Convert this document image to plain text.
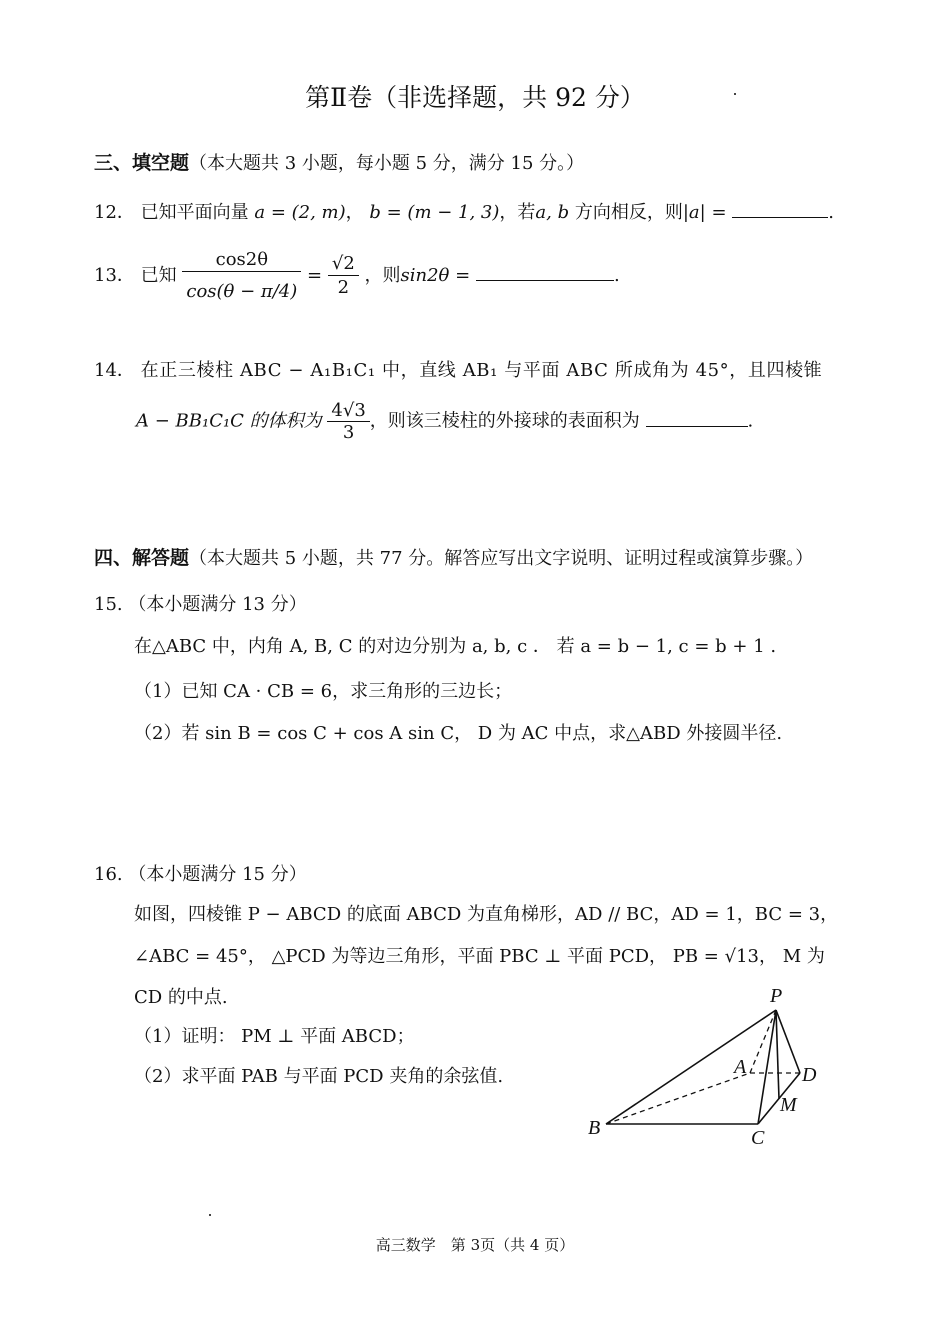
第Ⅱ卷（非选择题，共 92 分）
三、填空题（本大题共 3 小题，每小题 5 分，满分 15 分。）
12． 已知平面向量 a = (2, m)， b = (m − 1, 3)，若a, b 方向相反，则|a| =	.
13． 已知 $\frac{\cos 2\theta}{\cos(\theta - \pi/4)} = \frac{√2}{2}$ ，则sin2θ =	.
14． 在正三棱柱 ABC − A₁B₁C₁ 中，直线 AB₁ 与平面 ABC 所成角为 45°，且四棱锥
A − BB₁C₁C 的体积为 $\frac{4√3}{3}$ ，则该三棱柱的外接球的表面积为	.
四、解答题（本大题共 5 小题，共 77 分。解答应写出文字说明、证明过程或演算步骤。）
15. （本小题满分 13 分）
在△ABC 中，内角 A, B, C 的对边分别为 a, b, c ． 若 a = b − 1, c = b + 1 .
（1）已知 CA · CB = 6，求三角形的三边长；
（2）若 sin B = cos C + cos A sin C， D 为 AC 中点，求△ABD 外接圆半径.
16. （本小题满分 15 分）
如图，四棱锥 P − ABCD 的底面 ABCD 为直角梯形，AD // BC，AD = 1，BC = 3，
∠ABC = 45°， △PCD 为等边三角形，平面 PBC ⊥ 平面 PCD， PB = √13， M 为
CD 的中点.
（1）证明： PM ⊥ 平面 ABCD；
（2）求平面 PAB 与平面 PCD 夹角的余弦值.
P
A	D
M
B	C
高三数学　第 3页（共 4 页）
